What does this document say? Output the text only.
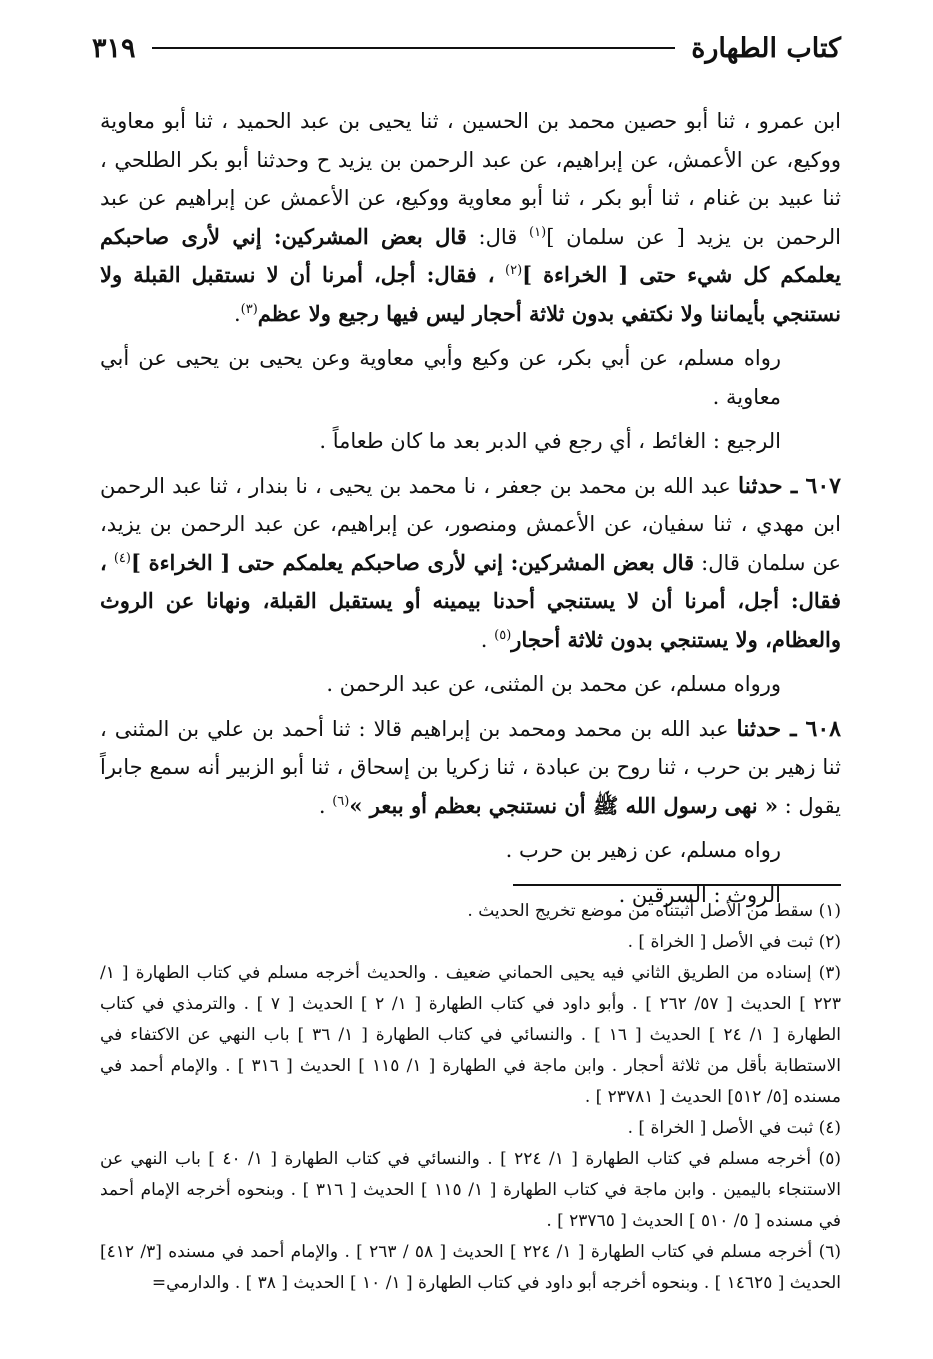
كتاب الطهارة
٣١٩

ابن عمرو ، ثنا أبو حصين محمد بن الحسين ، ثنا يحيى بن عبد الحميد ، ثنا أبو معاوية ووكيع، عن الأعمش، عن إبراهيم، عن عبد الرحمن بن يزيد ح وحدثنا أبو بكر الطلحي ، ثنا عبيد بن غنام ، ثنا أبو بكر ، ثنا أبو معاوية ووكيع، عن الأعمش عن إبراهيم عن عبد الرحمن بن يزيد [ عن سلمان ]$^{(١)}$ قال: قال بعض المشركين: إني لأرى صاحبكم يعلمكم كل شيء حتى [ الخراءة ]$^{(٢)}$ ، فقال: أجل، أمرنا أن لا نستقبل القبلة ولا نستنجي بأيماننا ولا نكتفي بدون ثلاثة أحجار ليس فيها رجيع ولا عظم$^{(٣)}$.

رواه مسلم، عن أبي بكر، عن وكيع وأبي معاوية وعن يحيى بن يحيى عن أبي معاوية .

الرجيع : الغائط ، أي رجع في الدبر بعد ما كان طعاماً .

٦٠٧ ـ حدثنا عبد الله بن محمد بن جعفر ، نا محمد بن يحيى ، نا بندار ، ثنا عبد الرحمن ابن مهدي ، ثنا سفيان، عن الأعمش ومنصور، عن إبراهيم، عن عبد الرحمن بن يزيد، عن سلمان قال: قال بعض المشركين: إني لأرى صاحبكم يعلمكم حتى [ الخراءة ]$^{(٤)}$ ، فقال: أجل، أمرنا أن لا يستنجي أحدنا بيمينه أو يستقبل القبلة، ونهانا عن الروث والعظام، ولا يستنجي بدون ثلاثة أحجار$^{(٥)}$ .

ورواه مسلم، عن محمد بن المثنى، عن عبد الرحمن .

٦٠٨ ـ حدثنا عبد الله بن محمد ومحمد بن إبراهيم قالا : ثنا أحمد بن علي بن المثنى ، ثنا زهير بن حرب ، ثنا روح بن عبادة ، ثنا زكريا بن إسحاق ، ثنا أبو الزبير أنه سمع جابراً يقول : « نهى رسول الله ﷺ أن نستنجي بعظم أو ببعر »$^{(٦)}$ .

رواه مسلم، عن زهير بن حرب .

الروث : السرقين .

(١) سقط من الأصل أثبتناه من موضع تخريج الحديث .

(٢) ثبت في الأصل [ الخراة ] .

(٣) إسناده من الطريق الثاني فيه يحيى الحماني ضعيف . والحديث أخرجه مسلم في كتاب الطهارة [ ١/ ٢٢٣ ] الحديث [ ٥٧/ ٢٦٢ ] . وأبو داود في كتاب الطهارة [ ١/ ٢ ] الحديث [ ٧ ] . والترمذي في كتاب الطهارة [ ١/ ٢٤ ] الحديث [ ١٦ ] . والنسائي في كتاب الطهارة [ ١/ ٣٦ ] باب النهي عن الاكتفاء في الاستطابة بأقل من ثلاثة أحجار . وابن ماجة في الطهارة [ ١/ ١١٥ ] الحديث [ ٣١٦ ] . والإمام أحمد في مسنده [٥/ ٥١٢] الحديث [ ٢٣٧٨١ ] .

(٤) ثبت في الأصل [ الخراة ] .

(٥) أخرجه مسلم في كتاب الطهارة [ ١/ ٢٢٤ ] . والنسائي في كتاب الطهارة [ ١/ ٤٠ ] باب النهي عن الاستنجاء باليمين . وابن ماجة في كتاب الطهارة [ ١/ ١١٥ ] الحديث [ ٣١٦ ] . وبنحوه أخرجه الإمام أحمد في مسنده [ ٥/ ٥١٠ ] الحديث [ ٢٣٧٦٥ ] .

(٦) أخرجه مسلم في كتاب الطهارة [ ١/ ٢٢٤ ] الحديث [ ٥٨ / ٢٦٣ ] . والإمام أحمد في مسنده [٣/ ٤١٢] الحديث [ ١٤٦٢٥ ] . وبنحوه أخرجه أبو داود في كتاب الطهارة [ ١/ ١٠ ] الحديث [ ٣٨ ] . والدارمي=
